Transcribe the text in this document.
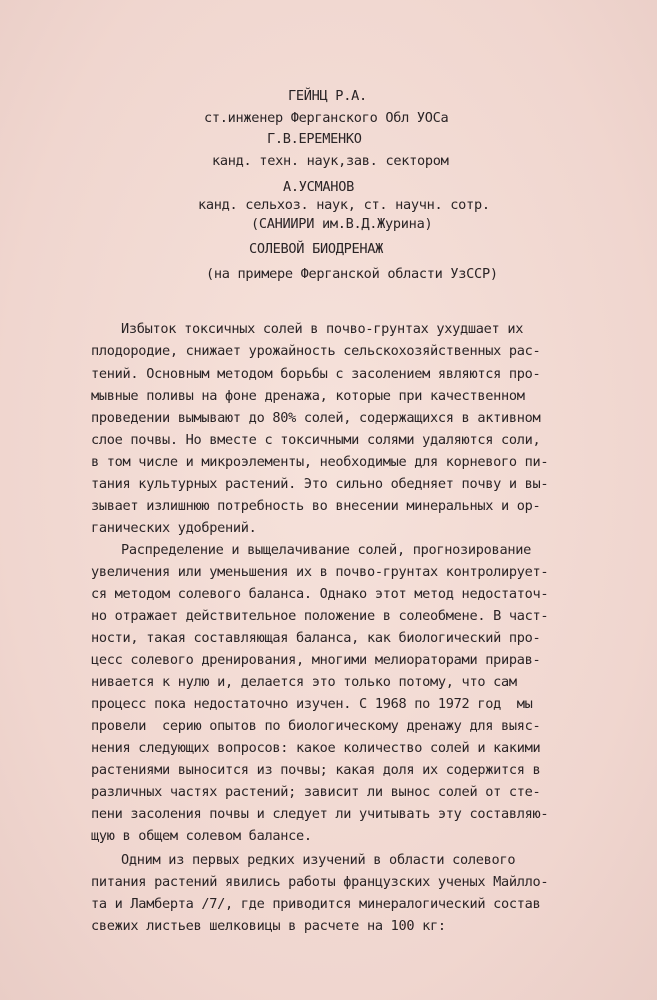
ГЕЙНЦ Р.А.
ст.инженер Ферганского Обл УОСа
Г.В.ЕРЕМЕНКО
канд. техн. наук,зав. сектором
А.УСМАНОВ
канд. сельхоз. наук, ст. научн. сотр.
(САНИИРИ им.В.Д.Журина)
СОЛЕВОЙ БИОДРЕНАЖ
(на примере Ферганской области УзССР)
Избыток токсичных солей в почво-грунтах ухудшает их
плодородие, снижает урожайность сельскохозяйственных рас-
тений. Основным методом борьбы с засолением являются про-
мывные поливы на фоне дренажа, которые при качественном
проведении вымывают до 80% солей, содержащихся в активном
слое почвы. Но вместе с токсичными солями удаляются соли,
в том числе и микроэлементы, необходимые для корневого пи-
тания культурных растений. Это сильно обедняет почву и вы-
зывает излишнюю потребность во внесении минеральных и ор-
ганических удобрений.
Распределение и выщелачивание солей, прогнозирование
увеличения или уменьшения их в почво-грунтах контролирует-
ся методом солевого баланса. Однако этот метод недостаточ-
но отражает действительное положение в солеобмене. В част-
ности, такая составляющая баланса, как биологический про-
цесс солевого дренирования, многими мелиораторами прирав-
нивается к нулю и, делается это только потому, что сам
процесс пока недостаточно изучен. С 1968 по 1972 год  мы
провели  серию опытов по биологическому дренажу для выяс-
нения следующих вопросов: какое количество солей и какими
растениями выносится из почвы; какая доля их содержится в
различных частях растений; зависит ли вынос солей от сте-
пени засоления почвы и следует ли учитывать эту составляю-
щую в общем солевом балансе.
Одним из первых редких изучений в области солевого
питания растений явились работы французских ученых Майлло-
та и Ламберта /7/, где приводится минералогический состав
свежих листьев шелковицы в расчете на 100 кг:
